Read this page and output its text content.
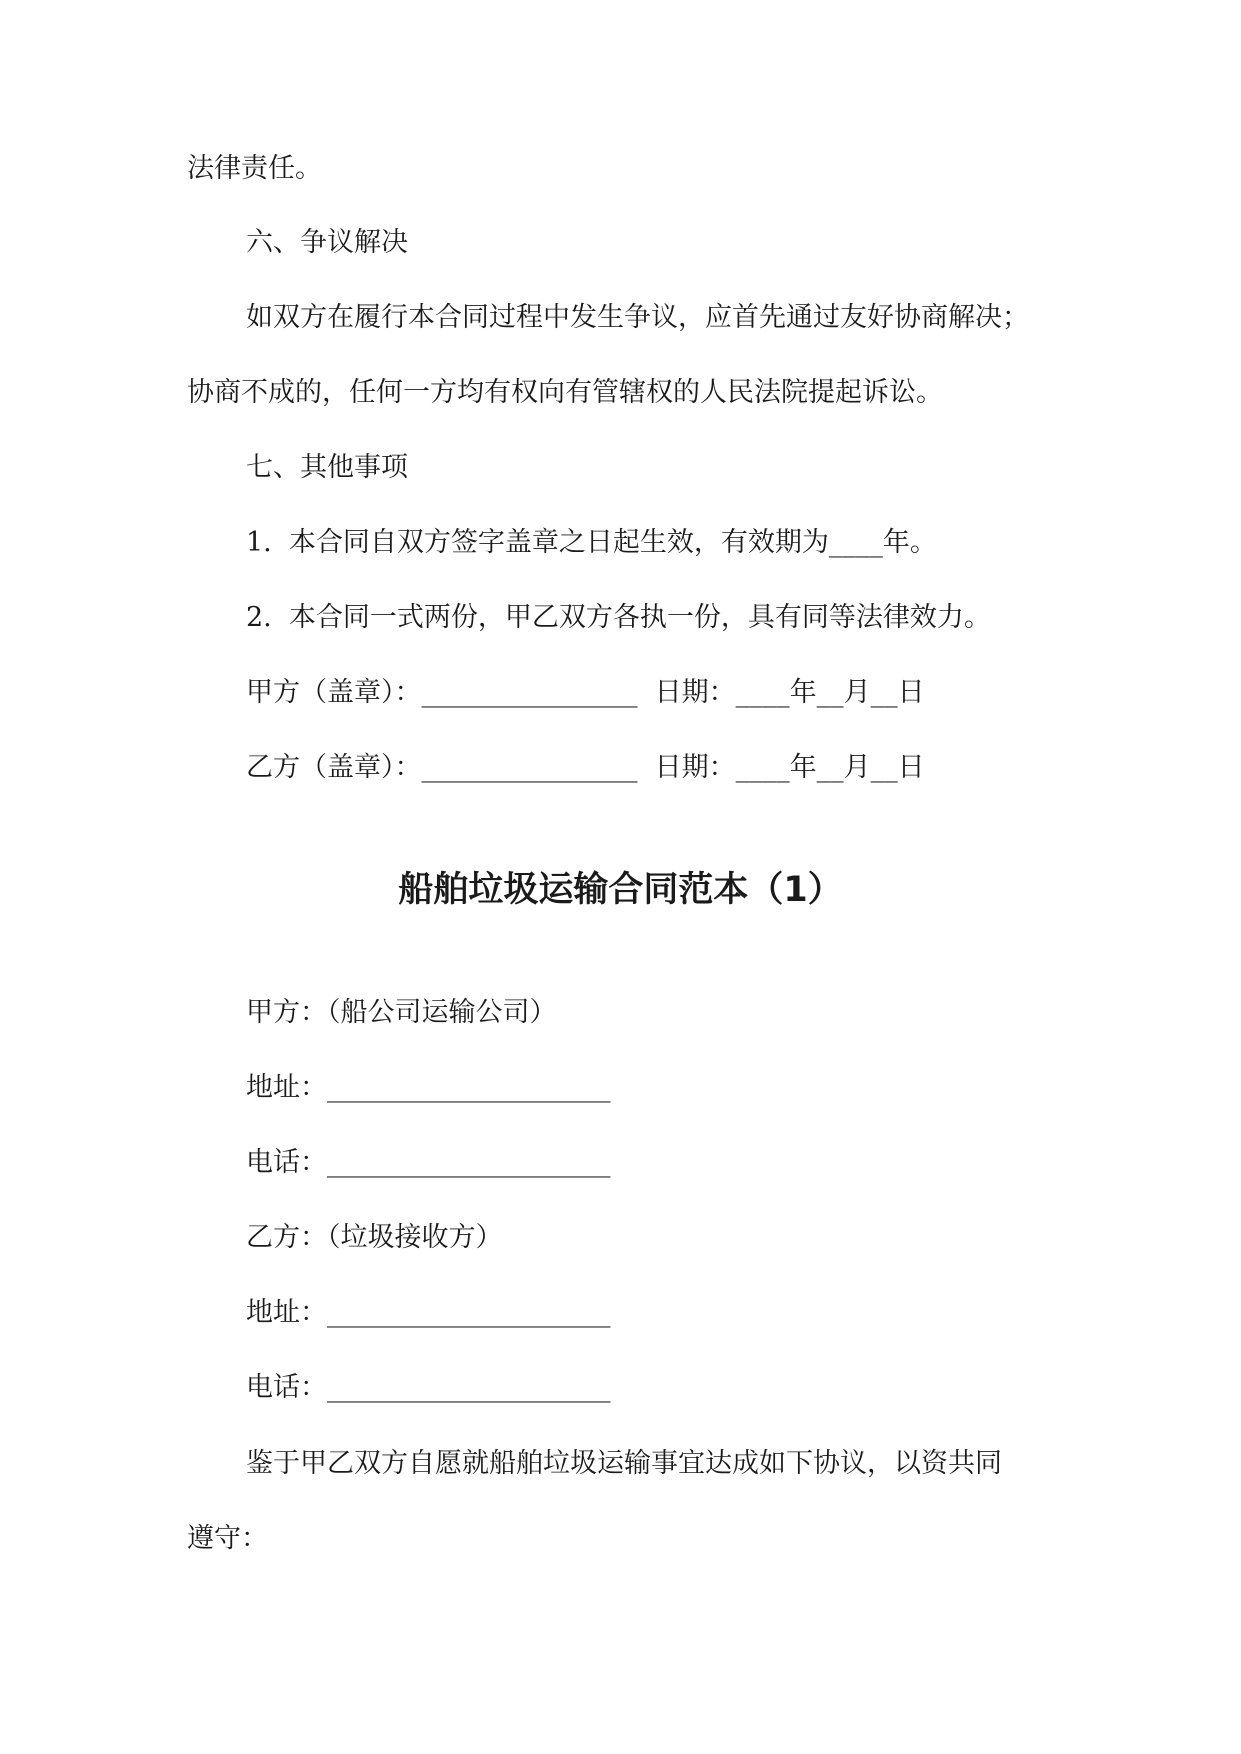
法律责任。
六、争议解决
如双方在履行本合同过程中发生争议，应首先通过友好协商解决；
协商不成的，任何一方均有权向有管辖权的人民法院提起诉讼。
七、其他事项
1.  本合同自双方签字盖章之日起生效，有效期为____年。
2.  本合同一式两份，甲乙双方各执一份，具有同等法律效力。
甲方（盖章）：________________  日期：____年__月__日
乙方（盖章）：________________  日期：____年__月__日
船舶垃圾运输合同范本（1）
甲方：（船公司运输公司）
地址：_____________________
电话：_____________________
乙方：（垃圾接收方）
地址：_____________________
电话：_____________________
鉴于甲乙双方自愿就船舶垃圾运输事宜达成如下协议，以资共同
遵守：
